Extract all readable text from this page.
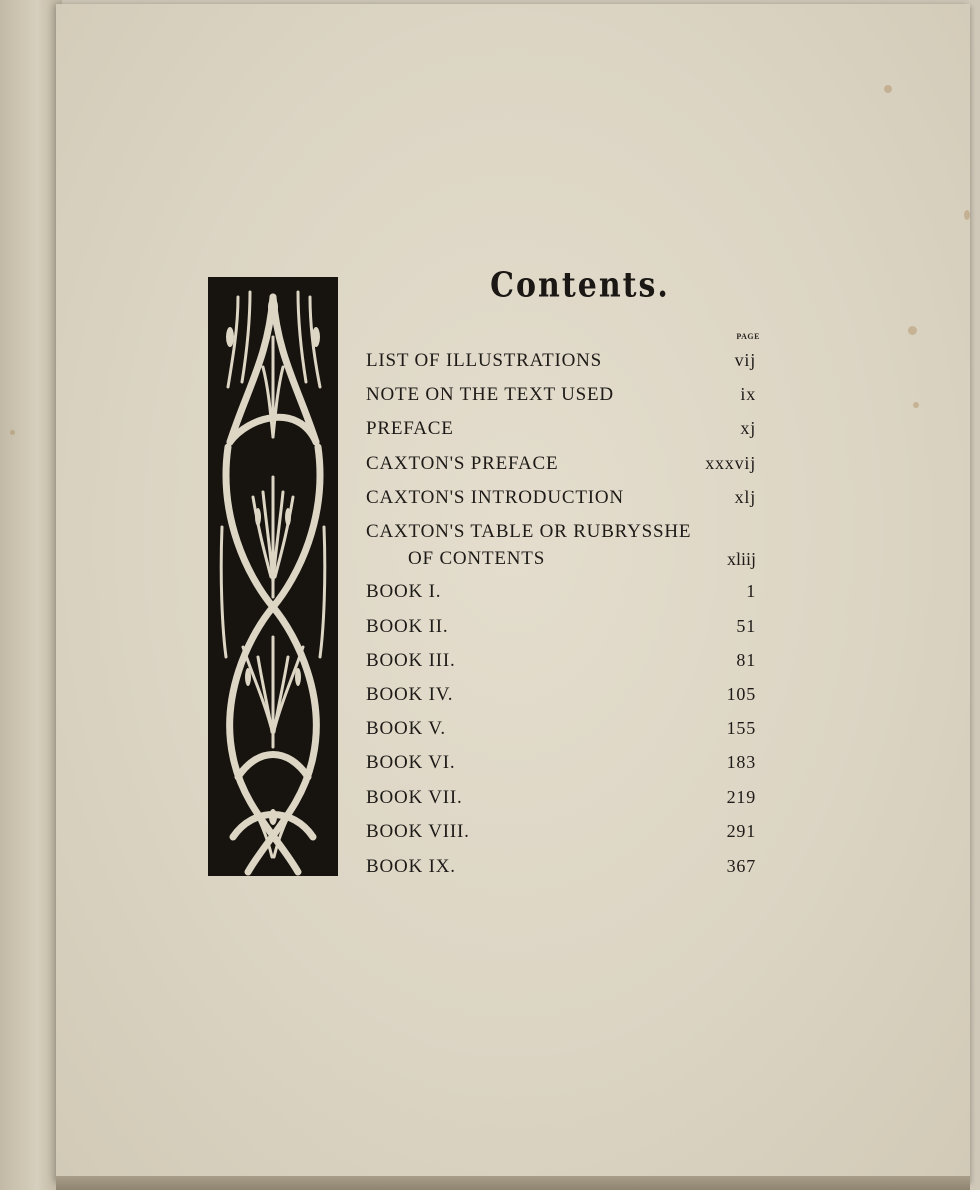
Contents.
PAGE
LIST OF ILLUSTRATIONS	vij
NOTE ON THE TEXT USED	ix
PREFACE	xj
CAXTON'S PREFACE	xxxvij
CAXTON'S INTRODUCTION	xlj
CAXTON'S TABLE OR RUBRYSSHE
OF CONTENTS	xliij
BOOK I.	1
BOOK II.	51
BOOK III.	81
BOOK IV.	105
BOOK V.	155
BOOK VI.	183
BOOK VII.	219
BOOK VIII.	291
BOOK IX.	367
